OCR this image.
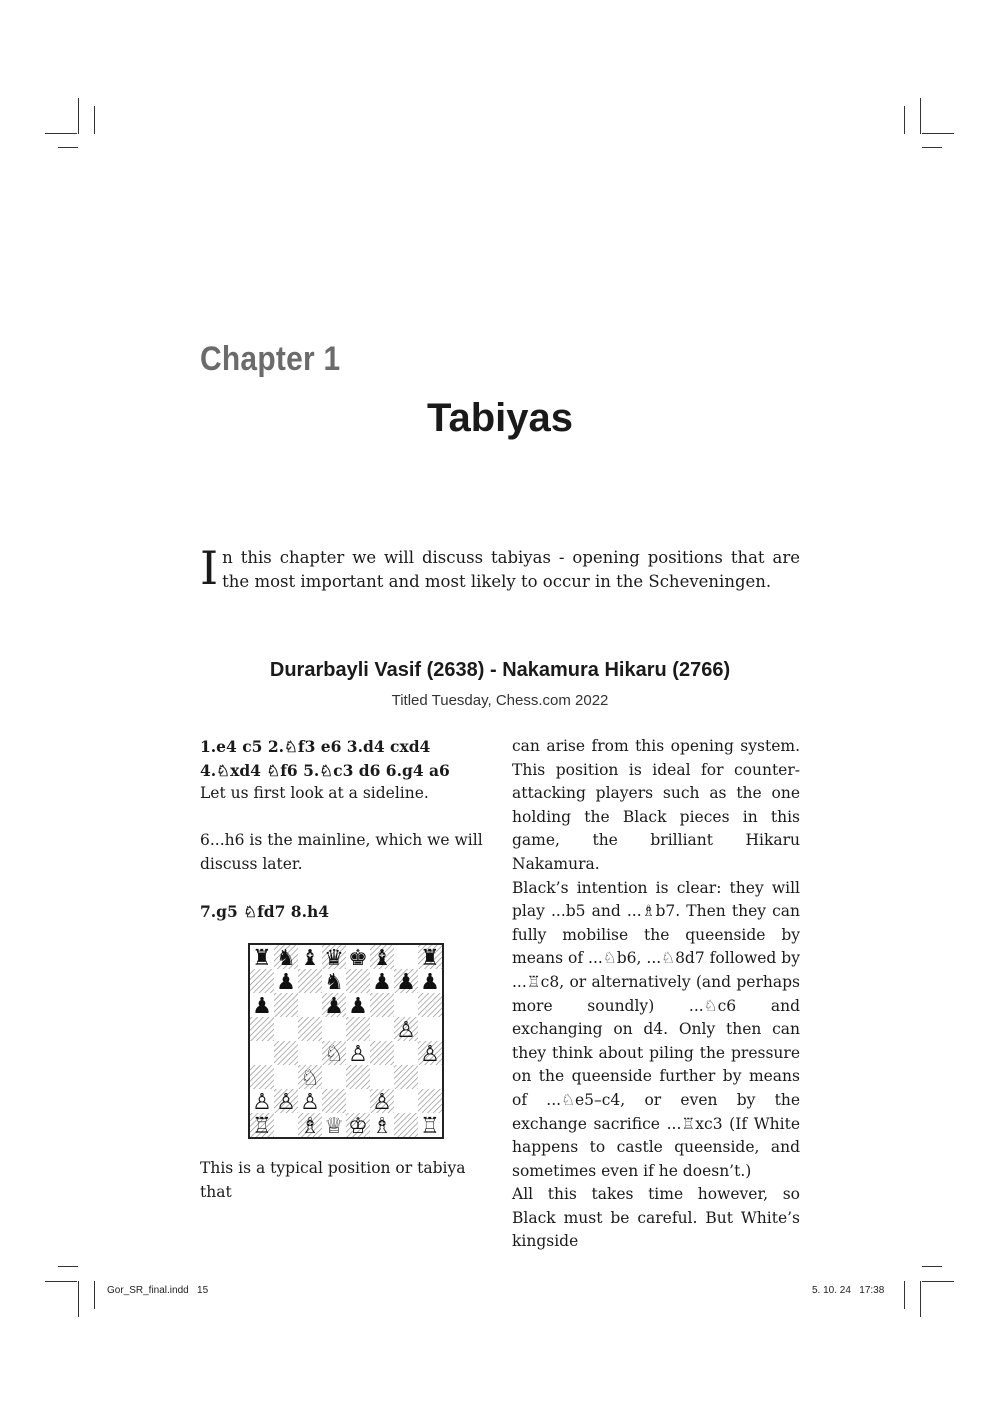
Chapter 1
Tabiyas
In this chapter we will discuss tabiyas - opening positions that are the most important and most likely to occur in the Scheveningen.
Durarbayli Vasif (2638) - Nakamura Hikaru (2766)
Titled Tuesday, Chess.com 2022

1.e4 c5 2.♘f3 e6 3.d4 cxd4 4.♘xd4 ♘f6 5.♘c3 d6 6.g4 a6

Let us first look at a sideline.

6...h6 is the mainline, which we will discuss later.

7.g5 ♘fd7 8.h4

♜ ♞ ♝ ♛ ♚ ♝ ♜
♟ ♞ ♟ ♟ ♟
♟ ♟ ♟
♙
♘ ♙ ♙
♘
♙ ♙ ♙ ♙
♖ ♗ ♕ ♔ ♗ ♖
This is a typical position or tabiya that

can arise from this opening system. This position is ideal for counter-attacking players such as the one holding the Black pieces in this game, the brilliant Hikaru Nakamura.

Black’s intention is clear: they will play ...b5 and ...♗b7. Then they can fully mobilise the queenside by means of ...♘b6, ...♘8d7 followed by ...♖c8, or alternatively (and perhaps more soundly) ...♘c6 and exchanging on d4. Only then can they think about piling the pressure on the queenside further by means of ...♘e5–c4, or even by the exchange sacrifice ...♖xc3 (If White happens to castle queenside, and sometimes even if he doesn’t.)

All this takes time however, so Black must be careful. But White’s kingside

Gor_SR_final.indd   15	5. 10. 24   17:38
